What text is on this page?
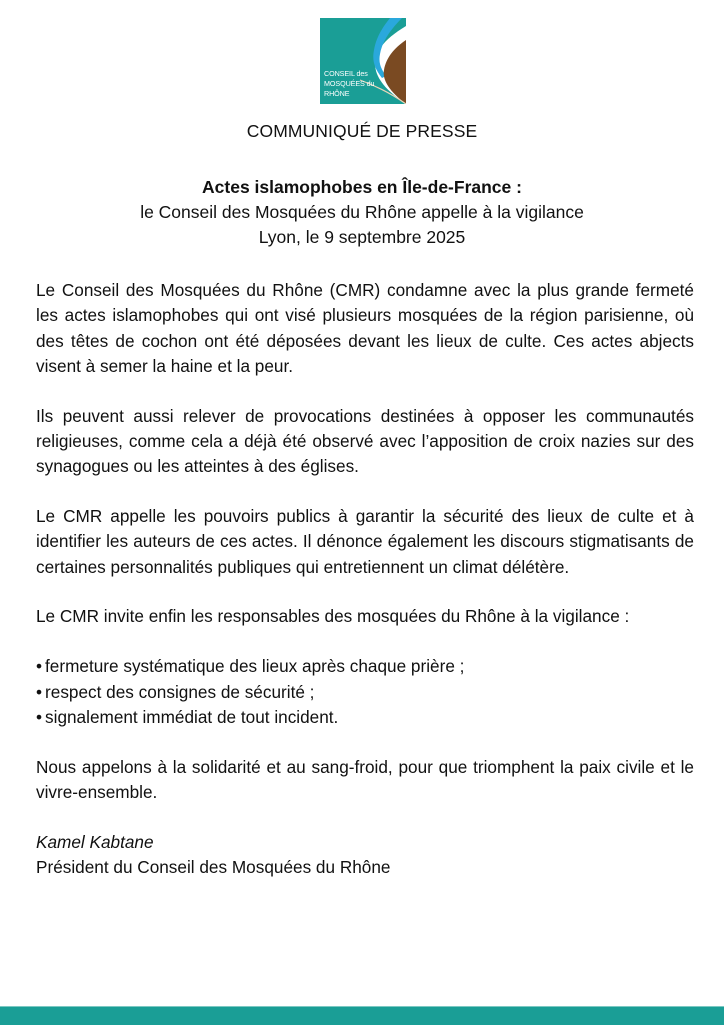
CONSEIL des
MOSQUÉES du
RHÔNE
COMMUNIQUÉ DE PRESSE
Actes islamophobes en Île-de-France :
le Conseil des Mosquées du Rhône appelle à la vigilance
Lyon, le 9 septembre 2025

Le Conseil des Mosquées du Rhône (CMR) condamne avec la plus grande fermeté les actes islamophobes qui ont visé plusieurs mosquées de la région parisienne, où des têtes de cochon ont été déposées devant les lieux de culte. Ces actes abjects visent à semer la haine et la peur.

Ils peuvent aussi relever de provocations destinées à opposer les communautés religieuses, comme cela a déjà été observé avec l’apposition de croix nazies sur des synagogues ou les atteintes à des églises.

Le CMR appelle les pouvoirs publics à garantir la sécurité des lieux de culte et à identifier les auteurs de ces actes. Il dénonce également les discours stigmatisants de certaines personnalités publiques qui entretiennent un climat délétère.

Le CMR invite enfin les responsables des mosquées du Rhône à la vigilance :

• fermeture systématique des lieux après chaque prière ;
• respect des consignes de sécurité ;
• signalement immédiat de tout incident.

Nous appelons à la solidarité et au sang-froid, pour que triomphent la paix civile et le vivre-ensemble.

Kamel Kabtane
Président du Conseil des Mosquées du Rhône
